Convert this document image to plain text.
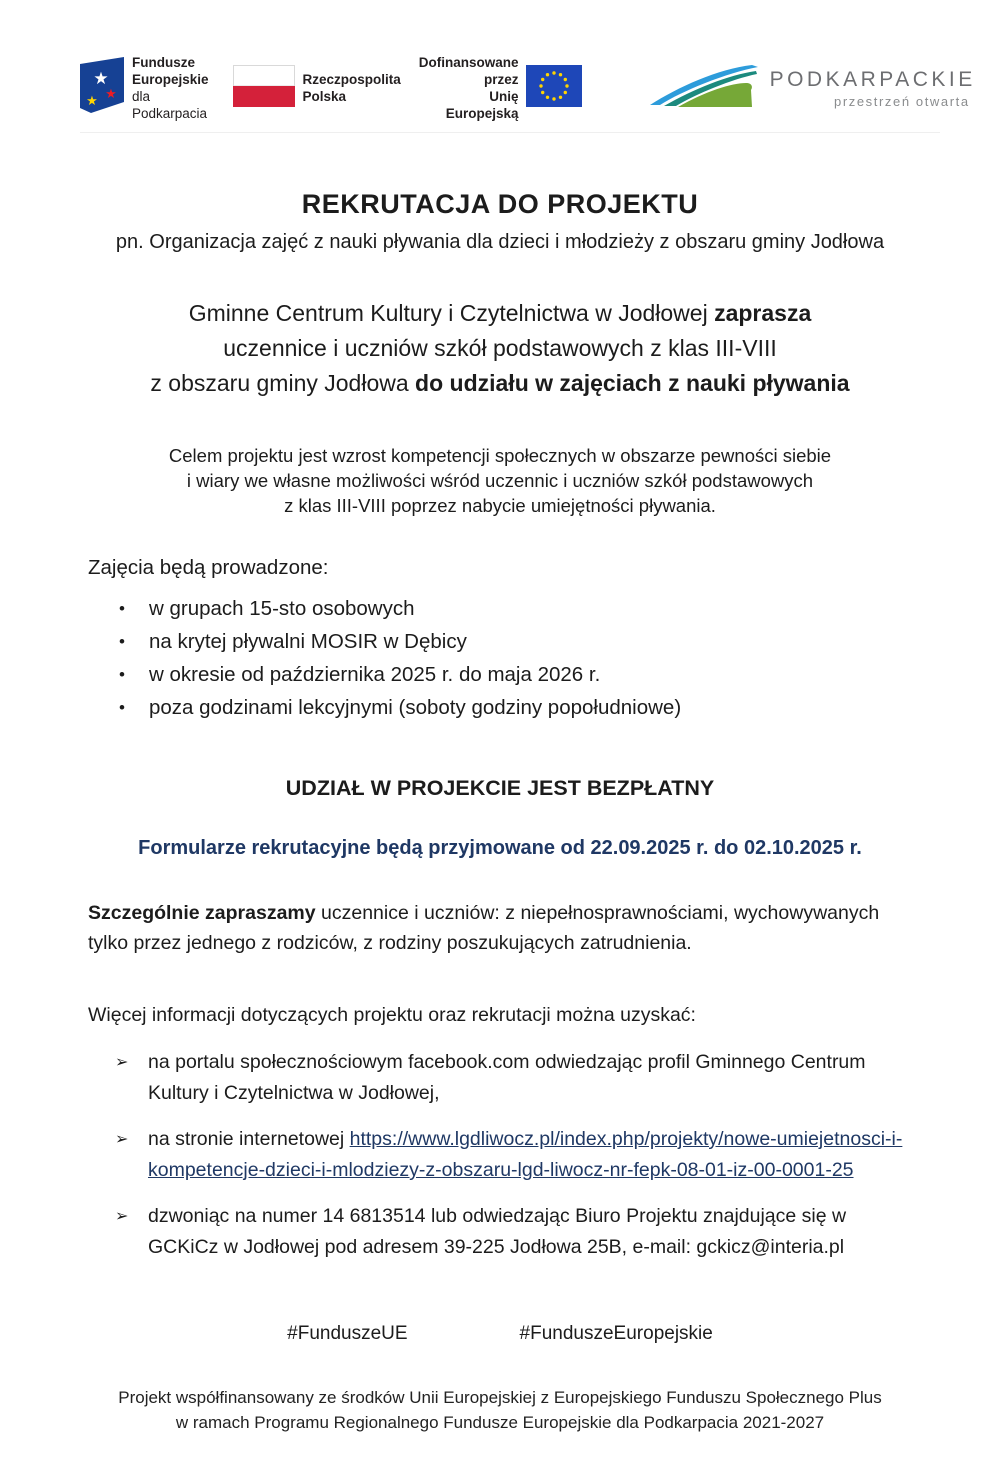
★
★
★
Fundusze Europejskie
dla Podkarpacia
Rzeczpospolita
Polska
Dofinansowane przez
Unię Europejską
PODKARPACKIE
przestrzeń otwarta
REKRUTACJA DO PROJEKTU
pn. Organizacja zajęć z nauki pływania dla dzieci i młodzieży z obszaru gminy Jodłowa
Gminne Centrum Kultury i Czytelnictwa w Jodłowej zaprasza
uczennice i uczniów szkół podstawowych z klas III-VIII
z obszaru gminy Jodłowa do udziału w zajęciach z nauki pływania
Celem projektu jest wzrost kompetencji społecznych w obszarze pewności siebie
i wiary we własne możliwości wśród uczennic i uczniów szkół podstawowych
z klas III-VIII poprzez nabycie umiejętności pływania.
Zajęcia będą prowadzone:
•	w grupach 15-sto osobowych
•	na krytej pływalni MOSIR w Dębicy
•	w okresie od października 2025 r. do maja 2026 r.
•	poza godzinami lekcyjnymi (soboty godziny popołudniowe)
UDZIAŁ W PROJEKCIE JEST BEZPŁATNY
Formularze rekrutacyjne będą przyjmowane od 22.09.2025 r. do 02.10.2025 r.
Szczególnie zapraszamy uczennice i uczniów: z niepełnosprawnościami, wychowywanych tylko przez jednego z rodziców, z rodziny poszukujących zatrudnienia.
Więcej informacji dotyczących projektu oraz rekrutacji można uzyskać:
➢	na portalu społecznościowym facebook.com odwiedzając profil Gminnego Centrum Kultury i Czytelnictwa w Jodłowej,
➢	na stronie internetowej https://www.lgdliwocz.pl/index.php/projekty/nowe-umiejetnosci-i-kompetencje-dzieci-i-mlodziezy-z-obszaru-lgd-liwocz-nr-fepk-08-01-iz-00-0001-25
➢	dzwoniąc na numer 14 6813514 lub odwiedzając Biuro Projektu znajdujące się w GCKiCz w Jodłowej pod adresem 39-225 Jodłowa 25B, e-mail: gckicz@interia.pl
#FunduszeUE	#FunduszeEuropejskie
Projekt współfinansowany ze środków Unii Europejskiej z Europejskiego Funduszu Społecznego Plus
w ramach Programu Regionalnego Fundusze Europejskie dla Podkarpacia 2021-2027
